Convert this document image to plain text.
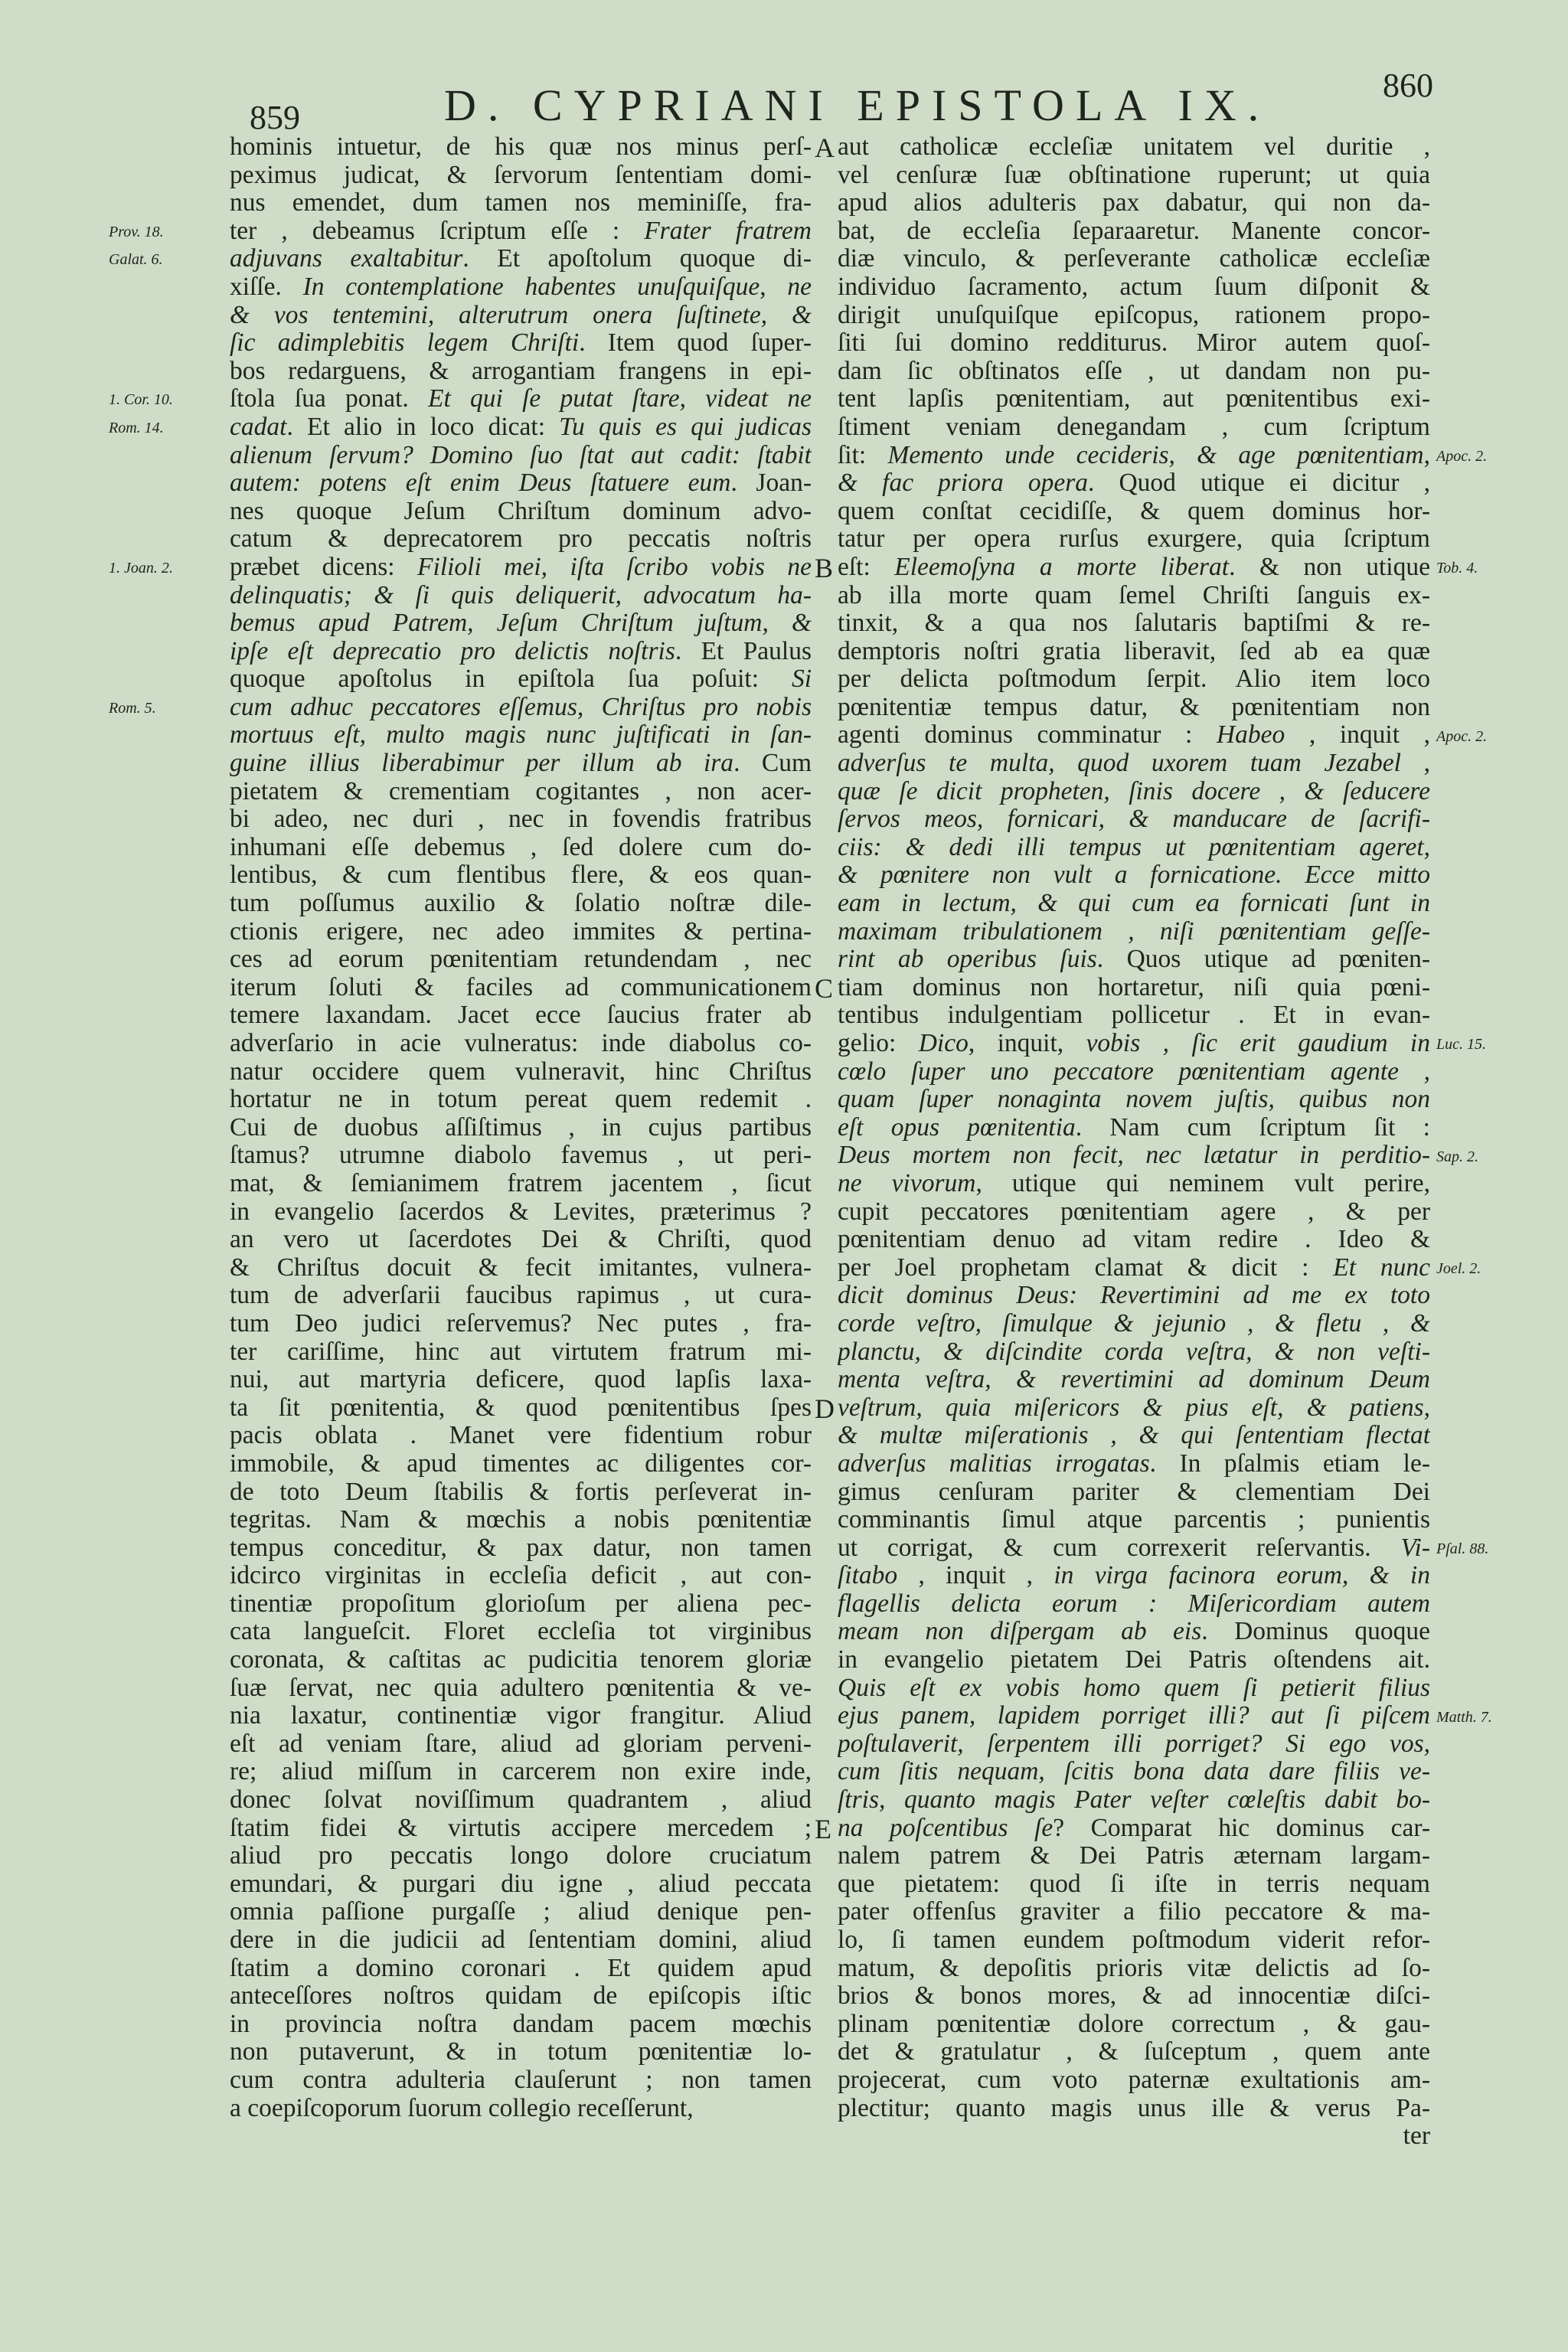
859	D. CYPRIANI EPISTOLA IX.	860
hominis intuetur, de his quæ nos minus perſ-
peximus judicat, & ſervorum ſententiam domi-
nus emendet, dum tamen nos meminiſſe, fra-
ter , debeamus ſcriptum eſſe : Frater fratrem
adjuvans exaltabitur. Et apoſtolum quoque di-
xiſſe. In contemplatione habentes unuſquiſque, ne
& vos tentemini, alterutrum onera ſuſtinete, &
ſic adimplebitis legem Chriſti. Item quod ſuper-
bos redarguens, & arrogantiam frangens in epi-
ſtola ſua ponat. Et qui ſe putat ſtare, videat ne
cadat. Et alio in loco dicat: Tu quis es qui judicas
alienum ſervum? Domino ſuo ſtat aut cadit: ſtabit
autem: potens eſt enim Deus ſtatuere eum. Joan-
nes quoque Jeſum Chriſtum dominum advo-
catum & deprecatorem pro peccatis noſtris
præbet dicens: Filioli mei, iſta ſcribo vobis ne
delinquatis; & ſi quis deliquerit, advocatum ha-
bemus apud Patrem, Jeſum Chriſtum juſtum, &
ipſe eſt deprecatio pro delictis noſtris. Et Paulus
quoque apoſtolus in epiſtola ſua poſuit: Si
cum adhuc peccatores eſſemus, Chriſtus pro nobis
mortuus eſt, multo magis nunc juſtificati in ſan-
guine illius liberabimur per illum ab ira. Cum
pietatem & crementiam cogitantes , non acer-
bi adeo, nec duri , nec in fovendis fratribus
inhumani eſſe debemus , ſed dolere cum do-
lentibus, & cum flentibus flere, & eos quan-
tum poſſumus auxilio & ſolatio noſtræ dile-
ctionis erigere, nec adeo immites & pertina-
ces ad eorum pœnitentiam retundendam , nec
iterum ſoluti & faciles ad communicationem
temere laxandam. Jacet ecce ſaucius frater ab
adverſario in acie vulneratus: inde diabolus co-
natur occidere quem vulneravit, hinc Chriſtus
hortatur ne in totum pereat quem redemit .
Cui de duobus aſſiſtimus , in cujus partibus
ſtamus? utrumne diabolo favemus , ut peri-
mat, & ſemianimem fratrem jacentem , ſicut
in evangelio ſacerdos & Levites, præterimus ?
an vero ut ſacerdotes Dei & Chriſti, quod
& Chriſtus docuit & fecit imitantes, vulnera-
tum de adverſarii faucibus rapimus , ut cura-
tum Deo judici reſervemus? Nec putes , fra-
ter cariſſime, hinc aut virtutem fratrum mi-
nui, aut martyria deficere, quod lapſis laxa-
ta ſit pœnitentia, & quod pœnitentibus ſpes
pacis oblata . Manet vere fidentium robur
immobile, & apud timentes ac diligentes cor-
de toto Deum ſtabilis & fortis perſeverat in-
tegritas. Nam & mœchis a nobis pœnitentiæ
tempus conceditur, & pax datur, non tamen
idcirco virginitas in eccleſia deficit , aut con-
tinentiæ propoſitum glorioſum per aliena pec-
cata langueſcit. Floret eccleſia tot virginibus
coronata, & caſtitas ac pudicitia tenorem gloriæ
ſuæ ſervat, nec quia adultero pœnitentia & ve-
nia laxatur, continentiæ vigor frangitur. Aliud
eſt ad veniam ſtare, aliud ad gloriam perveni-
re; aliud miſſum in carcerem non exire inde,
donec ſolvat noviſſimum quadrantem , aliud
ſtatim fidei & virtutis accipere mercedem ;
aliud pro peccatis longo dolore cruciatum
emundari, & purgari diu igne , aliud peccata
omnia paſſione purgaſſe ; aliud denique pen-
dere in die judicii ad ſententiam domini, aliud
ſtatim a domino coronari . Et quidem apud
anteceſſores noſtros quidam de epiſcopis iſtic
in provincia noſtra dandam pacem mœchis
non putaverunt, & in totum pœnitentiæ lo-
cum contra adulteria clauſerunt ; non tamen
a coepiſcoporum ſuorum collegio receſſerunt,
aut catholicæ eccleſiæ unitatem vel duritie ,
vel cenſuræ ſuæ obſtinatione ruperunt; ut quia
apud alios adulteris pax dabatur, qui non da-
bat, de eccleſia ſeparaaretur. Manente concor-
diæ vinculo, & perſeverante catholicæ eccleſiæ
individuo ſacramento, actum ſuum diſponit &
dirigit unuſquiſque epiſcopus, rationem propo-
ſiti ſui domino redditurus. Miror autem quoſ-
dam ſic obſtinatos eſſe , ut dandam non pu-
tent lapſis pœnitentiam, aut pœnitentibus exi-
ſtiment veniam denegandam , cum ſcriptum
ſit: Memento unde cecideris, & age pœnitentiam,
& fac priora opera. Quod utique ei dicitur ,
quem conſtat cecidiſſe, & quem dominus hor-
tatur per opera rurſus exurgere, quia ſcriptum
eſt: Eleemoſyna a morte liberat. & non utique
ab illa morte quam ſemel Chriſti ſanguis ex-
tinxit, & a qua nos ſalutaris baptiſmi & re-
demptoris noſtri gratia liberavit, ſed ab ea quæ
per delicta poſtmodum ſerpit. Alio item loco
pœnitentiæ tempus datur, & pœnitentiam non
agenti dominus comminatur : Habeo , inquit ,
adverſus te multa, quod uxorem tuam Jezabel ,
quæ ſe dicit propheten, ſinis docere , & ſeducere
ſervos meos, fornicari, & manducare de ſacrifi-
ciis: & dedi illi tempus ut pœnitentiam ageret,
& pœnitere non vult a fornicatione. Ecce mitto
eam in lectum, & qui cum ea fornicati ſunt in
maximam tribulationem , niſi pœnitentiam geſſe-
rint ab operibus ſuis. Quos utique ad pœniten-
tiam dominus non hortaretur, niſi quia pœni-
tentibus indulgentiam pollicetur . Et in evan-
gelio: Dico, inquit, vobis , ſic erit gaudium in
cœlo ſuper uno peccatore pœnitentiam agente ,
quam ſuper nonaginta novem juſtis, quibus non
eſt opus pœnitentia. Nam cum ſcriptum ſit :
Deus mortem non fecit, nec lætatur in perditio-
ne vivorum, utique qui neminem vult perire,
cupit peccatores pœnitentiam agere , & per
pœnitentiam denuo ad vitam redire . Ideo &
per Joel prophetam clamat & dicit : Et nunc
dicit dominus Deus: Revertimini ad me ex toto
corde veſtro, ſimulque & jejunio , & fletu , &
planctu, & diſcindite corda veſtra, & non veſti-
menta veſtra, & revertimini ad dominum Deum
veſtrum, quia miſericors & pius eſt, & patiens,
& multæ miſerationis , & qui ſententiam flectat
adverſus malitias irrogatas. In pſalmis etiam le-
gimus cenſuram pariter & clementiam Dei
comminantis ſimul atque parcentis ; punientis
ut corrigat, & cum correxerit reſervantis. Vi-
ſitabo , inquit , in virga facinora eorum, & in
flagellis delicta eorum : Miſericordiam autem
meam non diſpergam ab eis. Dominus quoque
in evangelio pietatem Dei Patris oſtendens ait.
Quis eſt ex vobis homo quem ſi petierit filius
ejus panem, lapidem porriget illi? aut ſi piſcem
poſtulaverit, ſerpentem illi porriget? Si ego vos,
cum ſitis nequam, ſcitis bona data dare filiis ve-
ſtris, quanto magis Pater veſter cœleſtis dabit bo-
na poſcentibus ſe? Comparat hic dominus car-
nalem patrem & Dei Patris æternam largam-
que pietatem: quod ſi iſte in terris nequam
pater offenſus graviter a filio peccatore & ma-
lo, ſi tamen eundem poſtmodum viderit refor-
matum, & depoſitis prioris vitæ delictis ad ſo-
brios & bonos mores, & ad innocentiæ diſci-
plinam pœnitentiæ dolore correctum , & gau-
det & gratulatur , & ſuſceptum , quem ante
projecerat, cum voto paternæ exultationis am-
plectitur; quanto magis unus ille & verus Pa-
ter
Prov. 18.
Galat. 6.
1. Cor. 10.
Rom. 14.
1. Joan. 2.
Rom. 5.
Apoc. 2.
Tob. 4.
Apoc. 2.
Luc. 15.
Sap. 2.
Joel. 2.
Pſal. 88.
Matth. 7.
A
B
C
D
E
